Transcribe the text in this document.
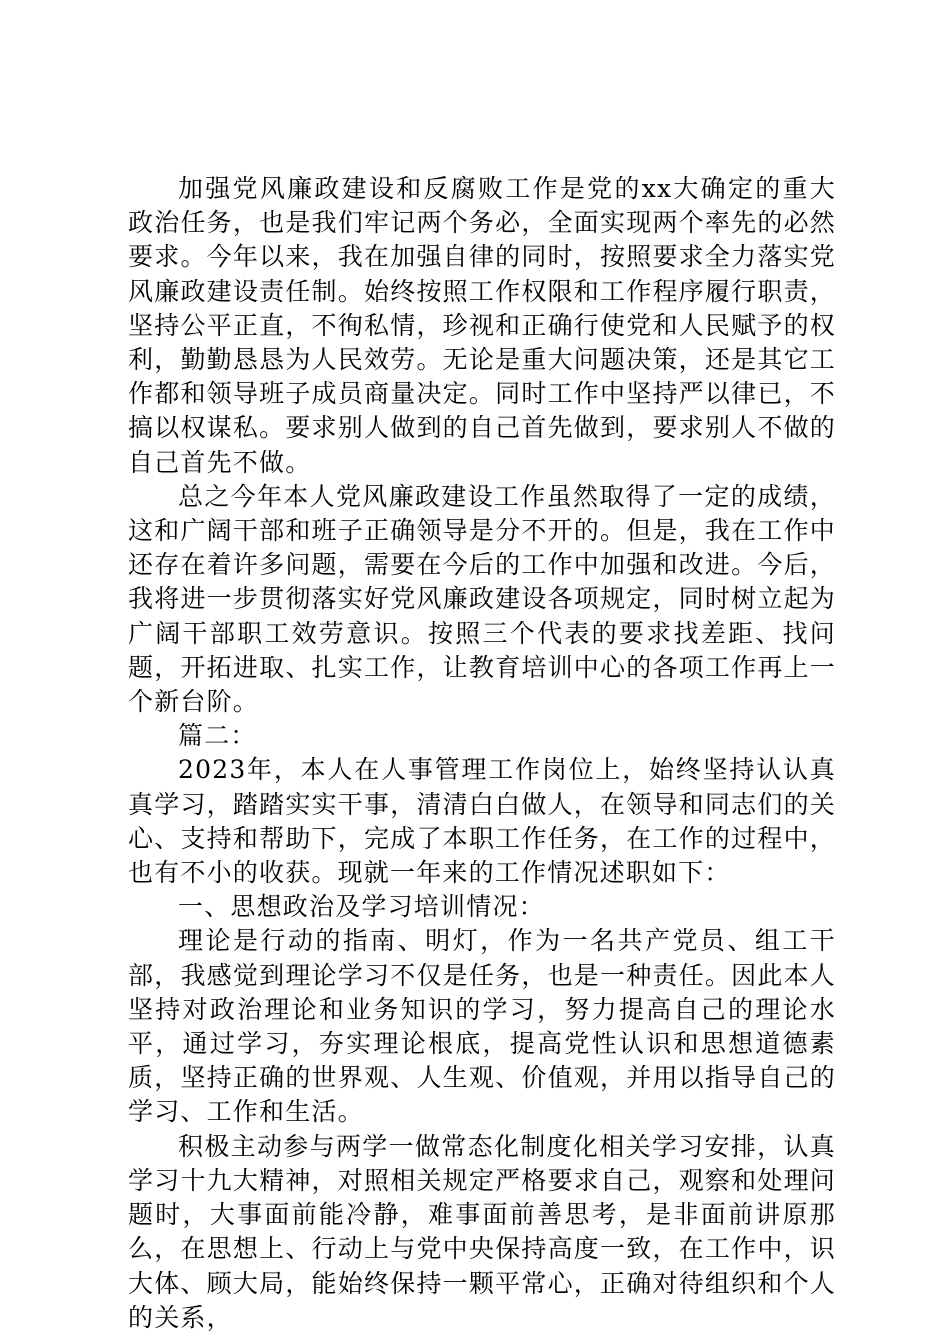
加强党风廉政建设和反腐败工作是党的xx大确定的重大政治任务，也是我们牢记两个务必，全面实现两个率先的必然要求。今年以来，我在加强自律的同时，按照要求全力落实党风廉政建设责任制。始终按照工作权限和工作程序履行职责，坚持公平正直，不徇私情，珍视和正确行使党和人民赋予的权利，勤勤恳恳为人民效劳。无论是重大问题决策，还是其它工作都和领导班子成员商量决定。同时工作中坚持严以律已，不搞以权谋私。要求别人做到的自己首先做到，要求别人不做的自己首先不做。

总之今年本人党风廉政建设工作虽然取得了一定的成绩，这和广阔干部和班子正确领导是分不开的。但是，我在工作中还存在着许多问题，需要在今后的工作中加强和改进。今后，我将进一步贯彻落实好党风廉政建设各项规定，同时树立起为广阔干部职工效劳意识。按照三个代表的要求找差距、找问题，开拓进取、扎实工作，让教育培训中心的各项工作再上一个新台阶。

篇二：

2023年，本人在人事管理工作岗位上，始终坚持认认真真学习，踏踏实实干事，清清白白做人，在领导和同志们的关心、支持和帮助下，完成了本职工作任务，在工作的过程中，也有不小的收获。现就一年来的工作情况述职如下：

一、思想政治及学习培训情况：

理论是行动的指南、明灯，作为一名共产党员、组工干部，我感觉到理论学习不仅是任务，也是一种责任。因此本人坚持对政治理论和业务知识的学习，努力提高自己的理论水平，通过学习，夯实理论根底，提高党性认识和思想道德素质，坚持正确的世界观、人生观、价值观，并用以指导自己的学习、工作和生活。

积极主动参与两学一做常态化制度化相关学习安排，认真学习十九大精神，对照相关规定严格要求自己，观察和处理问题时，大事面前能冷静，难事面前善思考，是非面前讲原那么，在思想上、行动上与党中央保持高度一致，在工作中，识大体、顾大局，能始终保持一颗平常心，正确对待组织和个人的关系，
